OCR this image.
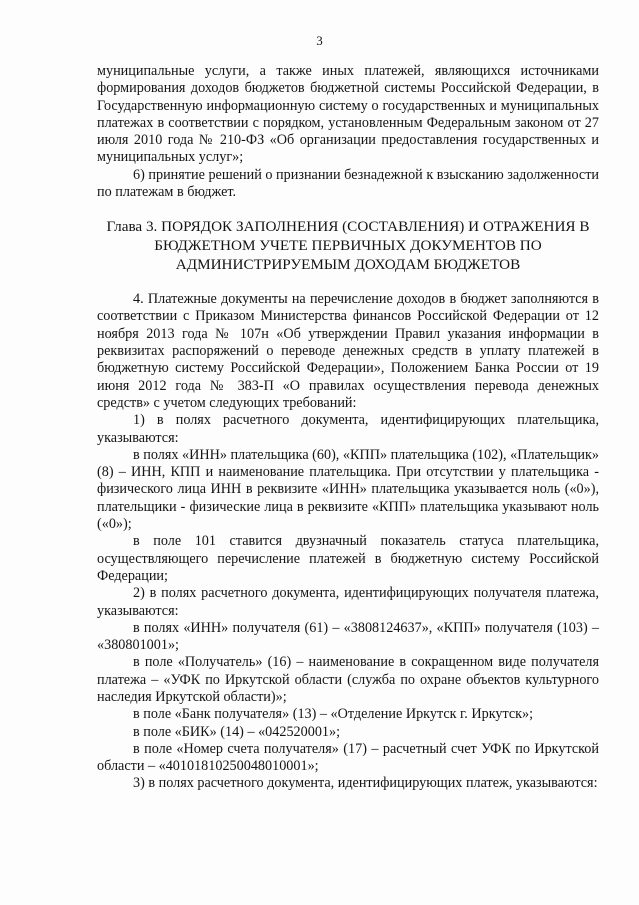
3

муниципальные услуги, а также иных платежей, являющихся источниками формирования доходов бюджетов бюджетной системы Российской Федерации, в Государственную информационную систему о государственных и муниципальных платежах в соответствии с порядком, установленным Федеральным законом от 27 июля 2010 года № 210-ФЗ «Об организации предоставления государственных и муниципальных услуг»;

6) принятие решений о признании безнадежной к взысканию задолженности по платежам в бюджет.

Глава 3. ПОРЯДОК ЗАПОЛНЕНИЯ (СОСТАВЛЕНИЯ) И ОТРАЖЕНИЯ В БЮДЖЕТНОМ УЧЕТЕ ПЕРВИЧНЫХ ДОКУМЕНТОВ ПО АДМИНИСТРИРУЕМЫМ ДОХОДАМ БЮДЖЕТОВ

4. Платежные документы на перечисление доходов в бюджет заполняются в соответствии с Приказом Министерства финансов Российской Федерации от 12 ноября 2013 года № 107н «Об утверждении Правил указания информации в реквизитах распоряжений о переводе денежных средств в уплату платежей в бюджетную систему Российской Федерации», Положением Банка России от 19 июня 2012 года № 383-П «О правилах осуществления перевода денежных средств» с учетом следующих требований:

1) в полях расчетного документа, идентифицирующих плательщика, указываются:

в полях «ИНН» плательщика (60), «КПП» плательщика (102), «Плательщик» (8) – ИНН, КПП и наименование плательщика. При отсутствии у плательщика - физического лица ИНН в реквизите «ИНН» плательщика указывается ноль («0»), плательщики - физические лица в реквизите «КПП» плательщика указывают ноль («0»);

в поле 101 ставится двузначный показатель статуса плательщика, осуществляющего перечисление платежей в бюджетную систему Российской Федерации;

2) в полях расчетного документа, идентифицирующих получателя платежа, указываются:

в полях «ИНН» получателя (61) – «3808124637», «КПП» получателя (103) – «380801001»;

в поле «Получатель» (16) – наименование в сокращенном виде получателя платежа – «УФК по Иркутской области (служба по охране объектов культурного наследия Иркутской области)»;

в поле «Банк получателя» (13) – «Отделение Иркутск г. Иркутск»;

в поле «БИК» (14) – «042520001»;

в поле «Номер счета получателя» (17) – расчетный счет УФК по Иркутской области – «40101810250048010001»;

3) в полях расчетного документа, идентифицирующих платеж, указываются:
